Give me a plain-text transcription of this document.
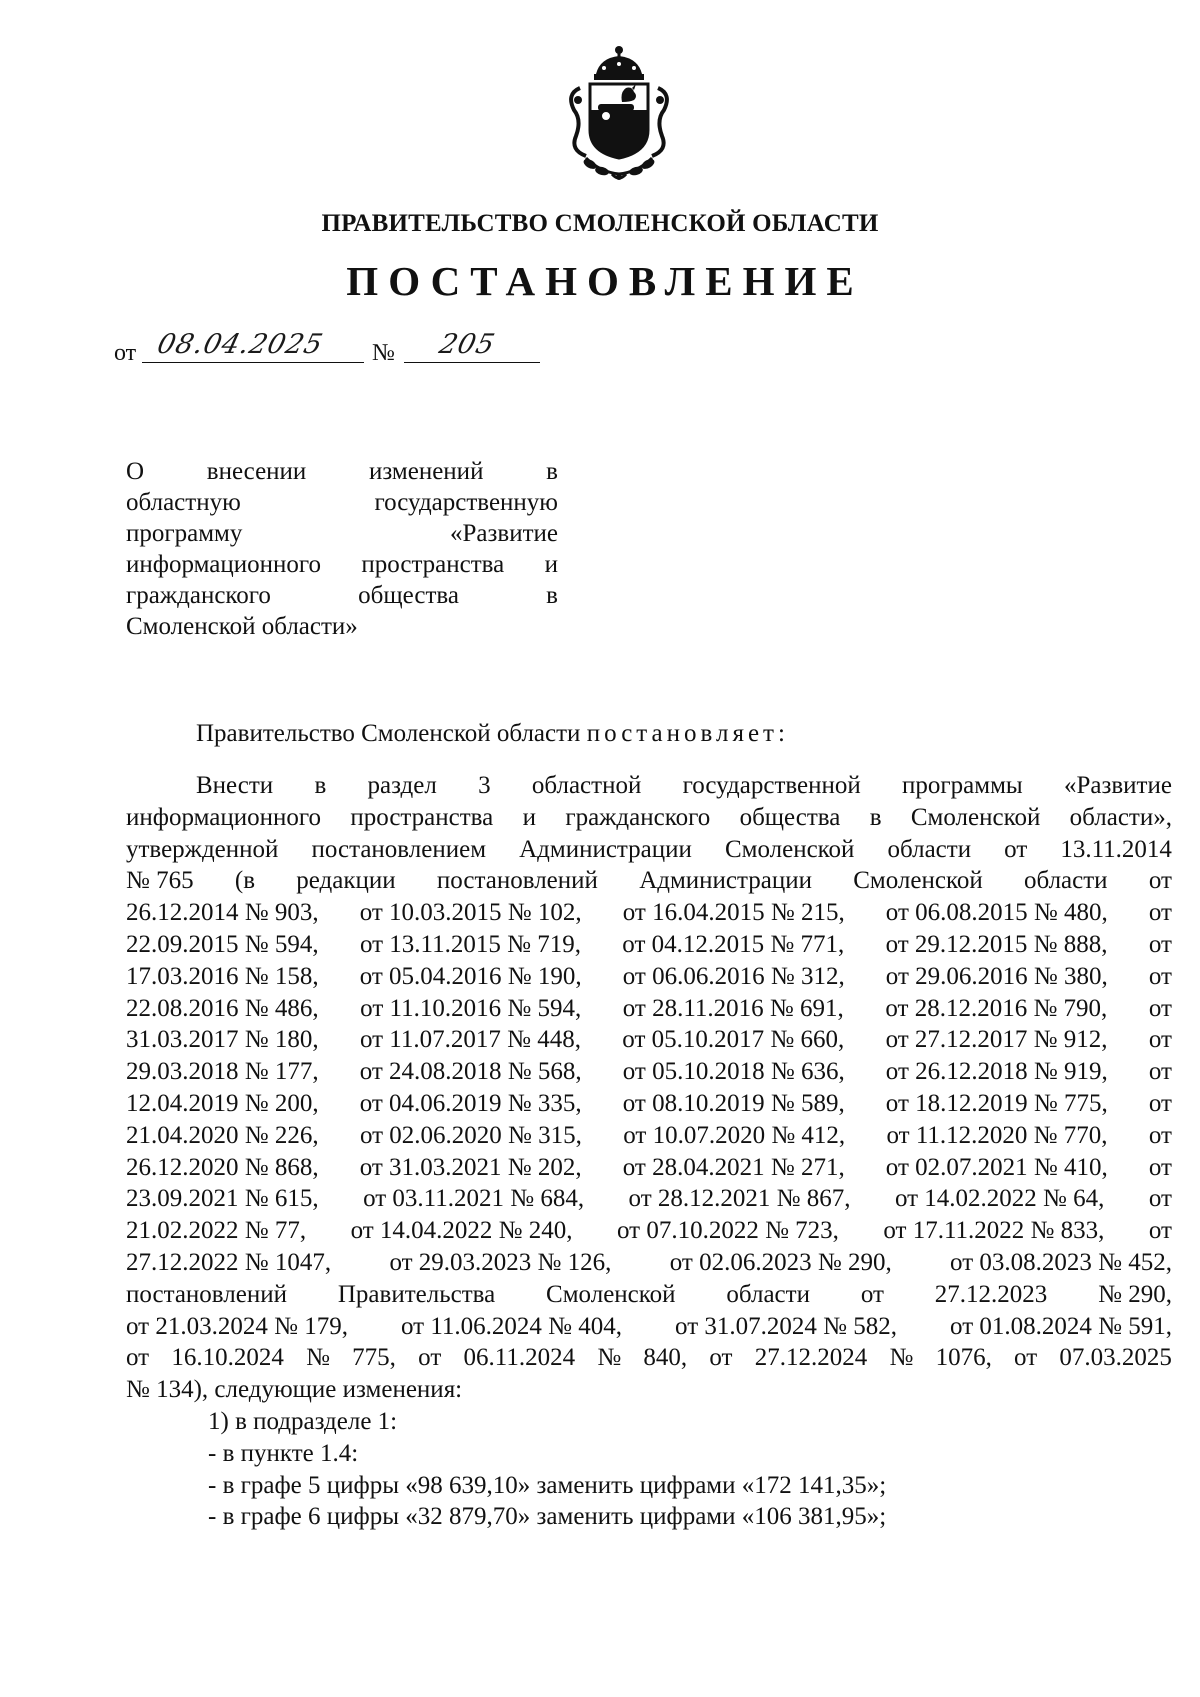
ПРАВИТЕЛЬСТВО СМОЛЕНСКОЙ ОБЛАСТИ
ПОСТАНОВЛЕНИЕ
от 08.04.2025 № 205
О	внесении	изменений	в
областную	государственную
программу	«Развитие
информационного пространства и
гражданского	общества	в
Смоленской области»
Правительство Смоленской области постановляет:
Внести в раздел 3 областной государственной программы «Развитие
информационного пространства и гражданского общества в Смоленской области»,
утвержденной постановлением Администрации Смоленской области от 13.11.2014
№ 765 (в редакции постановлений Администрации Смоленской области от
26.12.2014 № 903, от 10.03.2015 № 102, от 16.04.2015 № 215, от 06.08.2015 № 480, от
22.09.2015 № 594, от 13.11.2015 № 719, от 04.12.2015 № 771, от 29.12.2015 № 888, от
17.03.2016 № 158, от 05.04.2016 № 190, от 06.06.2016 № 312, от 29.06.2016 № 380, от
22.08.2016 № 486, от 11.10.2016 № 594, от 28.11.2016 № 691, от 28.12.2016 № 790, от
31.03.2017 № 180, от 11.07.2017 № 448, от 05.10.2017 № 660, от 27.12.2017 № 912, от
29.03.2018 № 177, от 24.08.2018 № 568, от 05.10.2018 № 636, от 26.12.2018 № 919, от
12.04.2019 № 200, от 04.06.2019 № 335, от 08.10.2019 № 589, от 18.12.2019 № 775, от
21.04.2020 № 226, от 02.06.2020 № 315, от 10.07.2020 № 412, от 11.12.2020 № 770, от
26.12.2020 № 868, от 31.03.2021 № 202, от 28.04.2021 № 271, от 02.07.2021 № 410, от
23.09.2021 № 615, от 03.11.2021 № 684, от 28.12.2021 № 867, от 14.02.2022 № 64, от
21.02.2022 № 77, от 14.04.2022 № 240, от 07.10.2022 № 723, от 17.11.2022 № 833, от
27.12.2022 № 1047, от 29.03.2023 № 126, от 02.06.2023 № 290, от 03.08.2023 № 452,
постановлений Правительства Смоленской области от 27.12.2023 № 290,
от 21.03.2024 № 179, от 11.06.2024 № 404, от 31.07.2024 № 582, от 01.08.2024 № 591,
от 16.10.2024 № 775, от 06.11.2024 № 840, от 27.12.2024 № 1076, от 07.03.2025
№ 134), следующие изменения:
1) в подразделе 1:
- в пункте 1.4:
- в графе 5 цифры «98 639,10» заменить цифрами «172 141,35»;
- в графе 6 цифры «32 879,70» заменить цифрами «106 381,95»;
